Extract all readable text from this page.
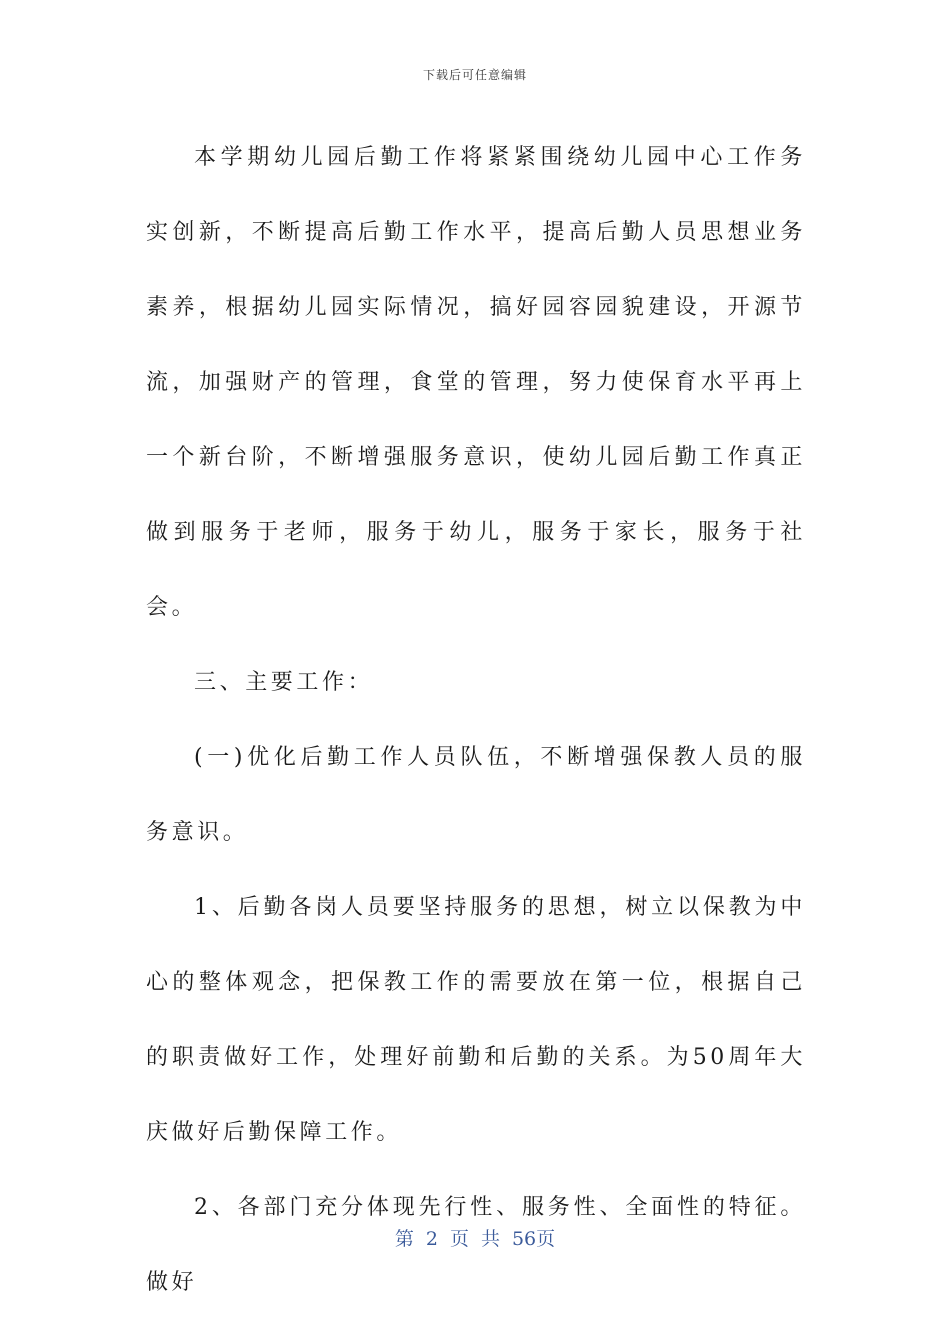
下载后可任意编辑

本学期幼儿园后勤工作将紧紧围绕幼儿园中心工作务实创新，不断提高后勤工作水平，提高后勤人员思想业务素养，根据幼儿园实际情况，搞好园容园貌建设，开源节流，加强财产的管理，食堂的管理，努力使保育水平再上一个新台阶，不断增强服务意识，使幼儿园后勤工作真正做到服务于老师，服务于幼儿，服务于家长，服务于社会。

三、主要工作：

(一)优化后勤工作人员队伍，不断增强保教人员的服务意识。

1、后勤各岗人员要坚持服务的思想，树立以保教为中心的整体观念，把保教工作的需要放在第一位，根据自己的职责做好工作，处理好前勤和后勤的关系。为50周年大庆做好后勤保障工作。

2、各部门充分体现先行性、服务性、全面性的特征。做好

第 2 页 共 56页
